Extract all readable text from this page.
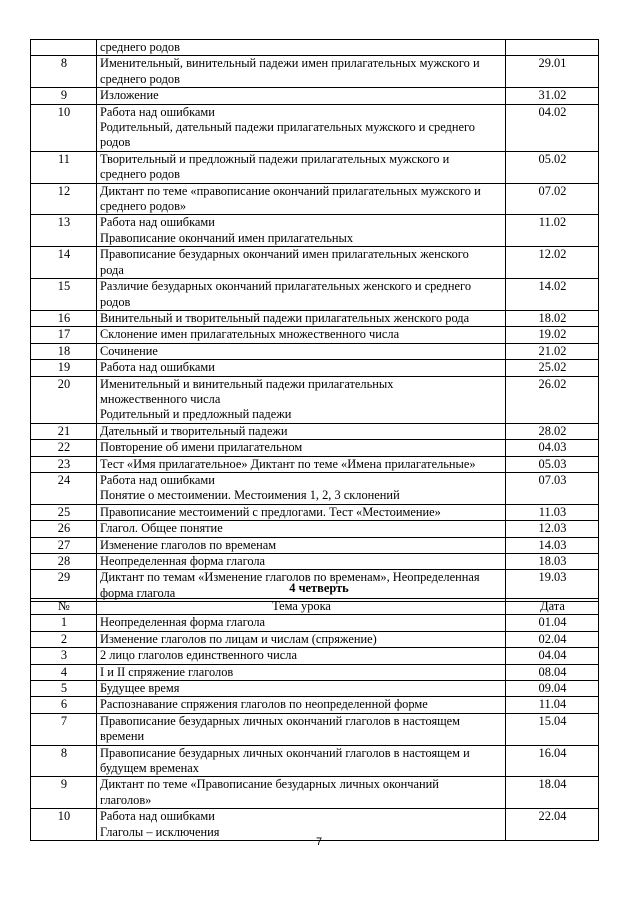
	среднего родов	

8	Именительный, винительный падежи имен прилагательных мужского и
среднего родов	29.01
9	Изложение	31.02
10	Работа над ошибками
Родительный, дательный падежи прилагательных мужского и среднего
родов	04.02
11	Творительный и предложный падежи прилагательных мужского и
среднего родов	05.02
12	Диктант по теме «правописание окончаний прилагательных мужского и
среднего родов»	07.02
13	Работа над ошибками
Правописание окончаний имен прилагательных	11.02
14	Правописание безударных окончаний имен прилагательных женского
рода	12.02
15	Различие безударных окончаний прилагательных женского и среднего
родов	14.02
16	Винительный и творительный падежи прилагательных женского рода	18.02
17	Склонение имен прилагательных множественного числа	19.02
18	Сочинение	21.02
19	Работа над ошибками	25.02
20	Именительный и винительный падежи прилагательных
множественного числа
Родительный и предложный падежи	26.02
21	Дательный и творительный падежи	28.02
22	Повторение об имени прилагательном	04.03
23	Тест «Имя прилагательное» Диктант по теме «Имена прилагательные»	05.03
24	Работа над ошибками
Понятие о местоимении. Местоимения 1, 2, 3 склонений	07.03
25	Правописание местоимений с предлогами. Тест «Местоимение»	11.03
26	Глагол. Общее понятие	12.03
27	Изменение глаголов по временам	14.03
28	Неопределенная форма глагола	18.03
29	Диктант по темам «Изменение глаголов по временам», Неопределенная
форма глагола	19.03
4 четверть
№	Тема урока	Дата
1	Неопределенная форма глагола	01.04
2	Изменение глаголов по лицам и числам (спряжение)	02.04
3	2 лицо глаголов единственного числа	04.04
4	I и II спряжение глаголов	08.04
5	Будущее время	09.04
6	Распознавание спряжения глаголов по неопределенной форме	11.04
7	Правописание безударных личных окончаний глаголов в настоящем
времени	15.04
8	Правописание безударных личных окончаний глаголов в настоящем и
будущем временах	16.04
9	Диктант по теме «Правописание безударных личных окончаний
глаголов»	18.04
10	Работа над ошибками
Глаголы – исключения	22.04
7
